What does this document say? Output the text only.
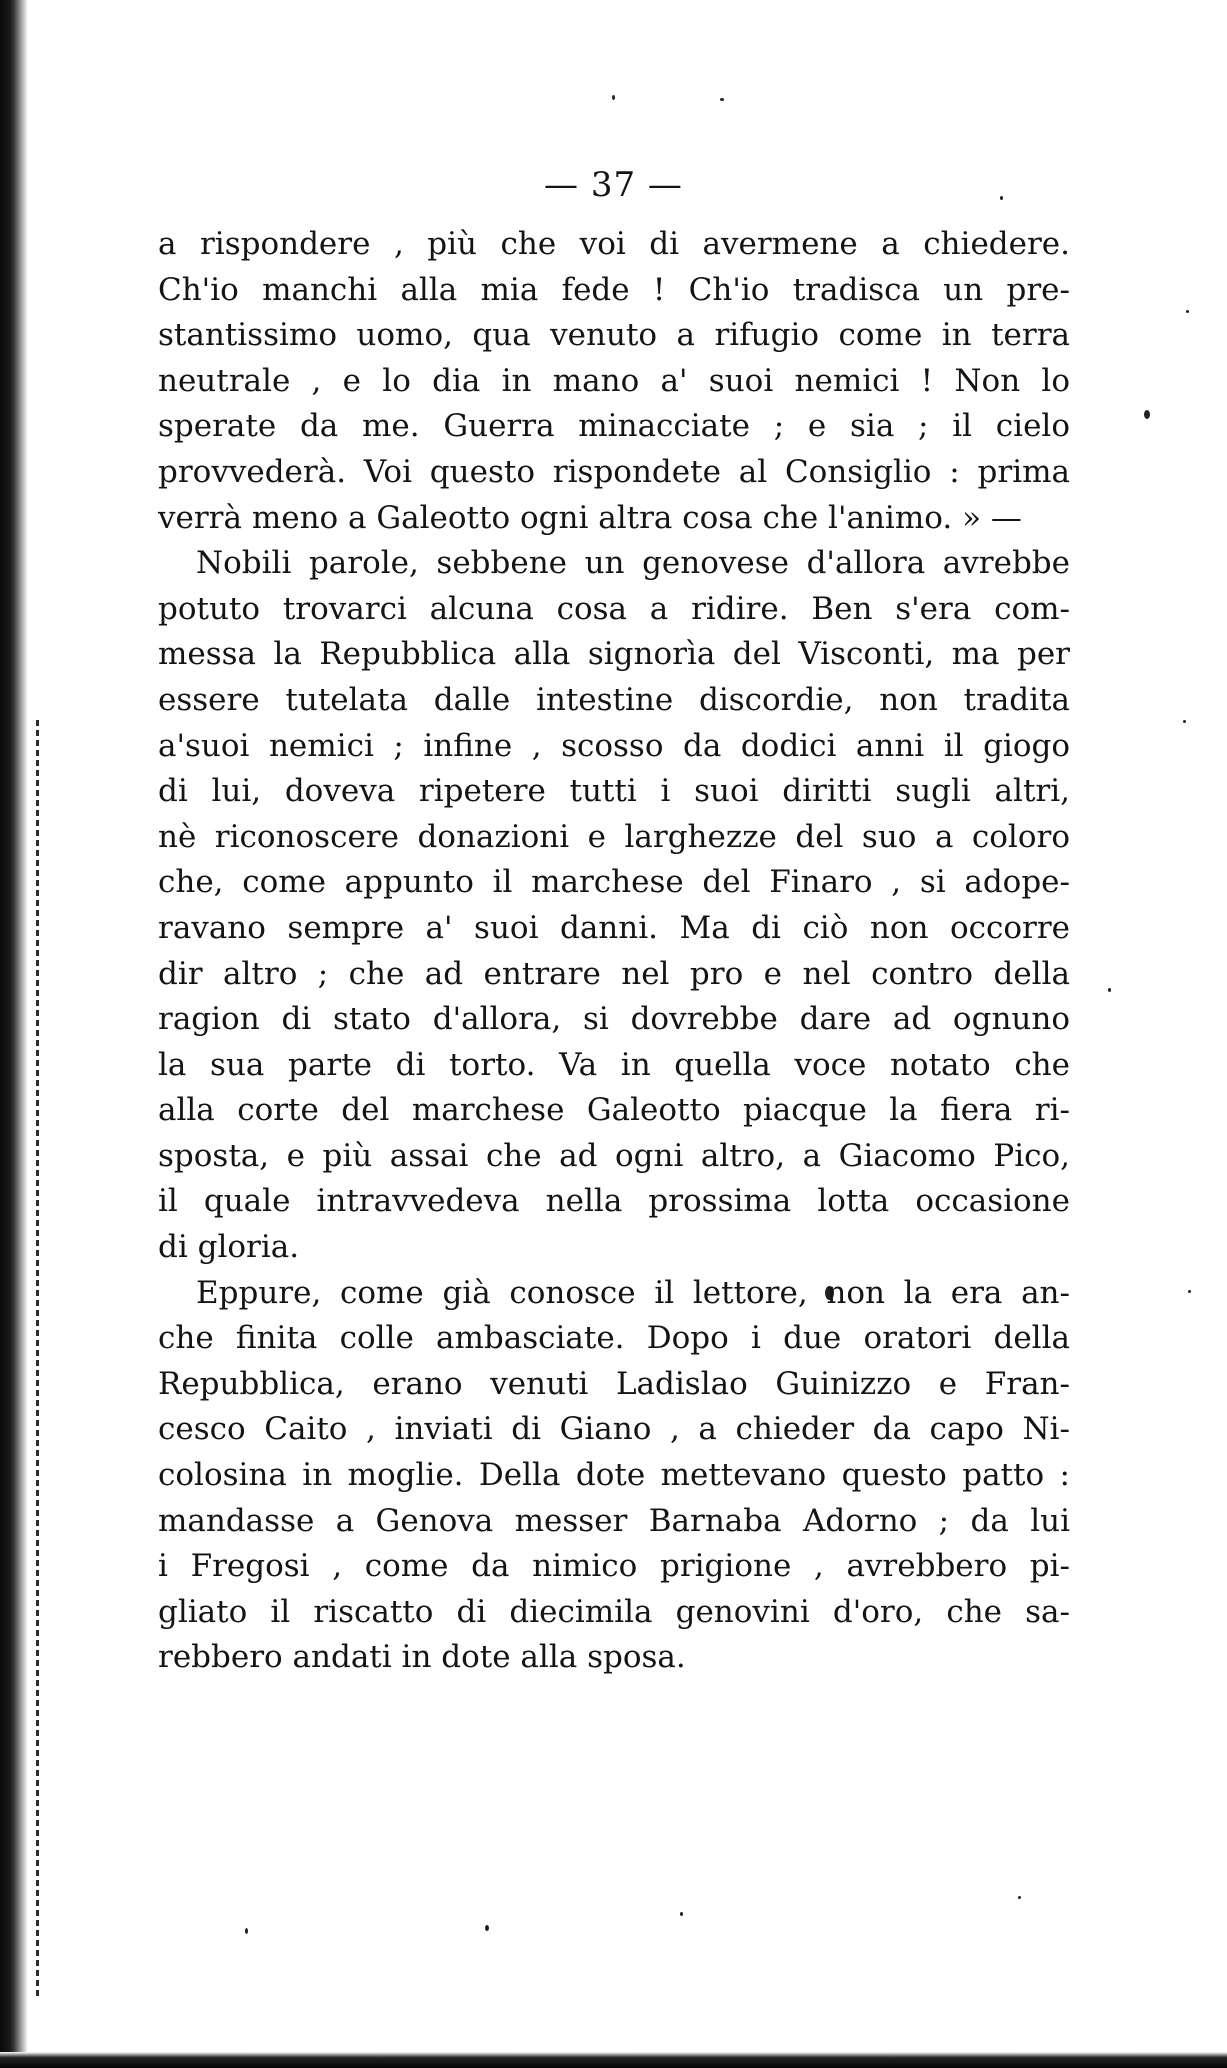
— 37 —
a rispondere , più che voi di avermene a chiedere.
Ch'io manchi alla mia fede ! Ch'io tradisca un pre-
stantissimo uomo, qua venuto a rifugio come in terra
neutrale , e lo dia in mano a' suoi nemici ! Non lo
sperate da me. Guerra minacciate ; e sia ; il cielo
provvederà. Voi questo rispondete al Consiglio : prima
verrà meno a Galeotto ogni altra cosa che l'animo. » —
Nobili parole, sebbene un genovese d'allora avrebbe
potuto trovarci alcuna cosa a ridire. Ben s'era com-
messa la Repubblica alla signorìa del Visconti, ma per
essere tutelata dalle intestine discordie, non tradita
a'suoi nemici ; infine , scosso da dodici anni il giogo
di lui, doveva ripetere tutti i suoi diritti sugli altri,
nè riconoscere donazioni e larghezze del suo a coloro
che, come appunto il marchese del Finaro , si adope-
ravano sempre a' suoi danni. Ma di ciò non occorre
dir altro ; che ad entrare nel pro e nel contro della
ragion di stato d'allora, si dovrebbe dare ad ognuno
la sua parte di torto. Va in quella voce notato che
alla corte del marchese Galeotto piacque la fiera ri-
sposta, e più assai che ad ogni altro, a Giacomo Pico,
il quale intravvedeva nella prossima lotta occasione
di gloria.
Eppure, come già conosce il lettore, non la era an-
che finita colle ambasciate. Dopo i due oratori della
Repubblica, erano venuti Ladislao Guinizzo e Fran-
cesco Caito , inviati di Giano , a chieder da capo Ni-
colosina in moglie. Della dote mettevano questo patto :
mandasse a Genova messer Barnaba Adorno ; da lui
i Fregosi , come da nimico prigione , avrebbero pi-
gliato il riscatto di diecimila genovini d'oro, che sa-
rebbero andati in dote alla sposa.
